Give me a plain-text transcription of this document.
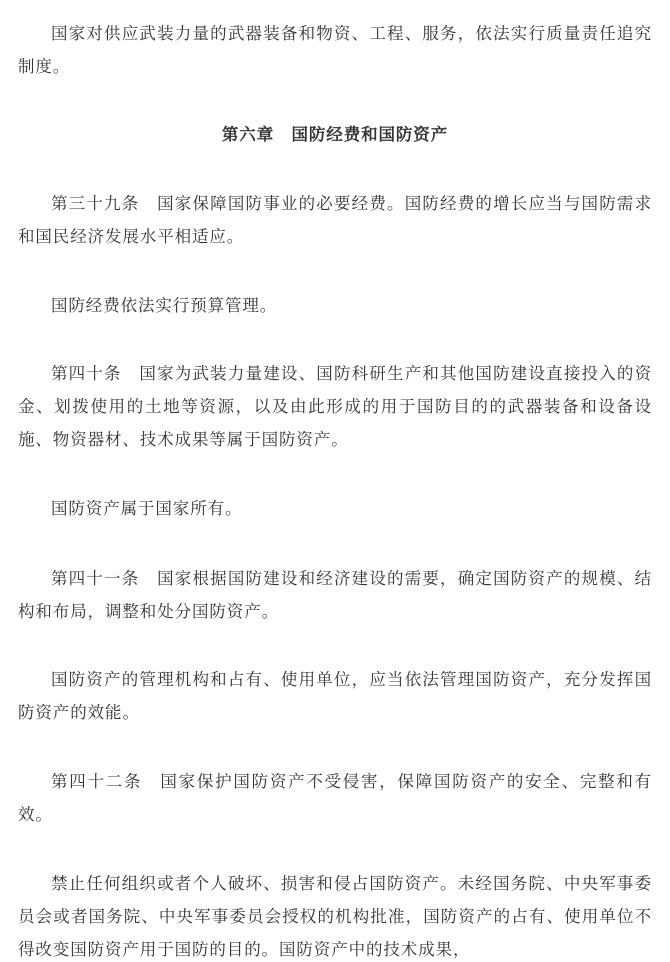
国家对供应武装力量的武器装备和物资、工程、服务，依法实行质量责任追究制度。

第六章　国防经费和国防资产

第三十九条　国家保障国防事业的必要经费。国防经费的增长应当与国防需求和国民经济发展水平相适应。

国防经费依法实行预算管理。

第四十条　国家为武装力量建设、国防科研生产和其他国防建设直接投入的资金、划拨使用的土地等资源，以及由此形成的用于国防目的的武器装备和设备设施、物资器材、技术成果等属于国防资产。

国防资产属于国家所有。

第四十一条　国家根据国防建设和经济建设的需要，确定国防资产的规模、结构和布局，调整和处分国防资产。

国防资产的管理机构和占有、使用单位，应当依法管理国防资产，充分发挥国防资产的效能。

第四十二条　国家保护国防资产不受侵害，保障国防资产的安全、完整和有效。

禁止任何组织或者个人破坏、损害和侵占国防资产。未经国务院、中央军事委员会或者国务院、中央军事委员会授权的机构批准，国防资产的占有、使用单位不得改变国防资产用于国防的目的。国防资产中的技术成果，
